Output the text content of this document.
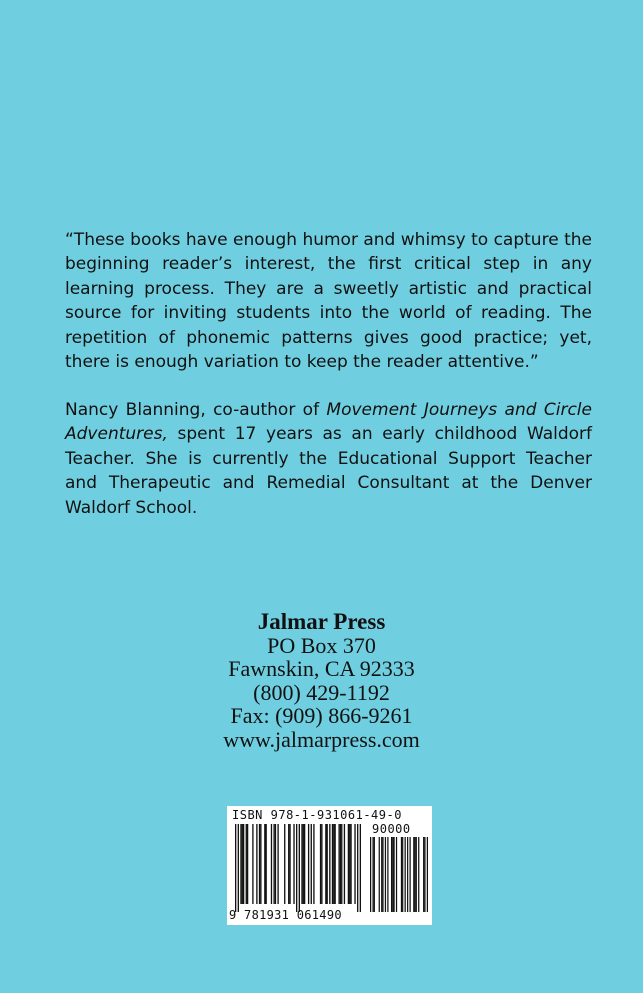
“These books have enough humor and whimsy to capture the beginning reader’s interest, the first critical step in any learning process. They are a sweetly artistic and practical source for inviting students into the world of reading. The repetition of phonemic patterns gives good practice; yet, there is enough variation to keep the reader attentive.”

Nancy Blanning, co-author of Movement Journeys and Circle Adventures, spent 17 years as an early childhood Waldorf Teacher. She is currently the Educational Support Teacher and Therapeutic and Remedial Consultant at the Denver Waldorf School.

Jalmar Press
PO Box 370
Fawnskin, CA 92333
(800) 429-1192
Fax: (909) 866-9261
www.jalmarpress.com
ISBN 978-1-931061-49-0
90000
9 781931 061490
